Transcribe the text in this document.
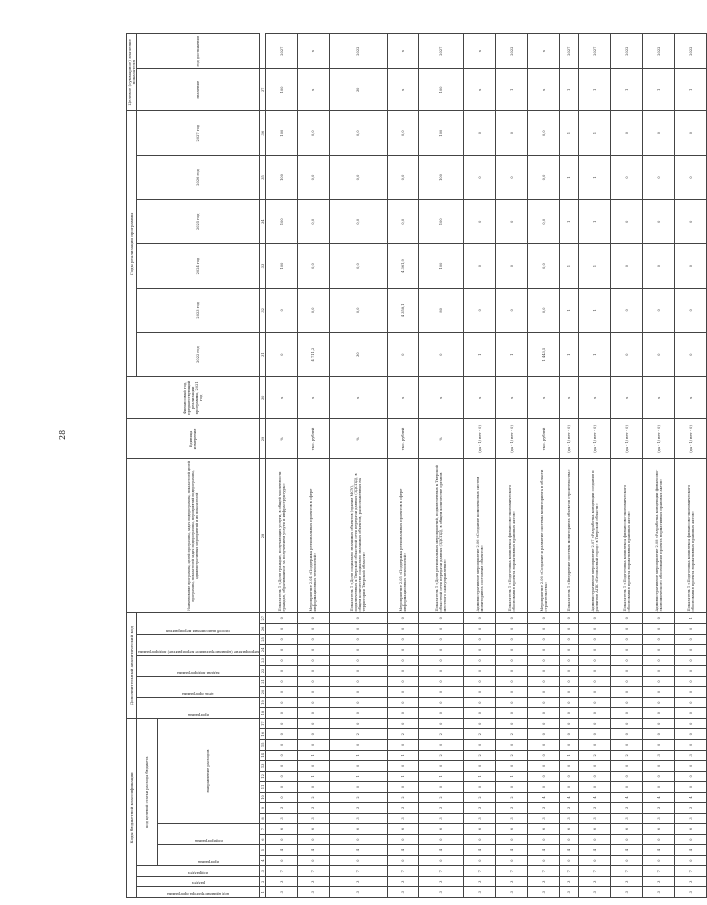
28
Коды бюджетной классификации																	Дополнительный аналитический код										Наименование программы, целей программы, задач подпрограммы, показателей целей программы, показателей задач подпрограммы, мероприятий подпрограммы, административных мероприятий и их показателей	Единица измерения	Финансовый год, предшествующий реализации программы, 2021 год	Годы реализации программы						Целевое (суммарное) значение показателя	

код администратора программы	раздел	подраздел	код целевой статьи расхода бюджета														программа		цель программы		задачи подпрограммы		мероприятие (административное мероприятие) подпрограммы		способ выполнения мероприятия					2022 год	2023 год	2024 год	2025 год	2026 год	2027 год	значение	год достижения

			программа		подпрограмма		направление расходов																														
1	2	3	4	5	6	7	8	9	10	11	12	13	14	15	16	17	18	19	20	21	22	23	24	25	26	27	28	29	30	31	32	33	34	35	36	37	
3	3	7	0	4	0	6	3	3	0	0	0	0	0	0	0	0	0	0	0	0	0	0	0	0	0	0	Показатель 1 «Доля граждан, получающих услуги, в общей численности граждан, обратившихся за получением услуги и инфраструктуры»	%	х	0	0	100	100	100	100	100	2027
3	3	7	0	4	0	6	3	3	2	0	1	0	1	0	0	0	0	0	0	0	0	0	0	0	0	0	Мероприятие 2.04 «Поддержка региональных проектов в сфере информационных технологий»	тыс. рублей	х	4 711,2	0,0	0,0	0,0	0,0	0,0	х	х
3	3	7	0	4	0	6	3	3	2	0	1	0	1	0	2	0	0	0	0	0	0	0	0	0	0	0	Показатель 1 «Доля социально значимых объектов (здания МСУ), подключенных к Тверской областной сети передачи данных (ЗДСПД), в общем количестве социально значимых объектов, расположенных на территории Тверской области»	%	х	30	0,0	0,0	0,0	0,0	0,0	30	2022
3	3	7	0	4	0	6	3	3	2	0	1	0	1	0	2	0	0	0	0	0	0	0	0	0	0	0	Мероприятие 2.05 «Поддержка региональных проектов в сфере информационных технологий»	тыс. рублей	х	0	4 358,1	4 361,9	0,0	0,0	0,0	х	х
3	3	7	0	4	0	6	3	3	2	0	1	0	2	0	2	0	0	0	0	0	0	0	0	0	0	0	Показатель 1 «Доля региональных мероприятий, подключенных к Тверской областной сети передачи данных (ЗДСПД), в общем количестве органов местного самоуправления»	%	х	0	80	100	100	100	100	100	2027
3	3	7	0	4	0	6	3	3	2	0	1	0	2	0	2	0	0	0	0	0	0	0	0	0	0	0	Административное мероприятие 2.06 «Создание комплексных систем мониторинга состояния объектов»	(да - 1/ нет - 0)	х	1	0	0	0	0	0	х	х
3	3	7	0	4	0	6	3	3	2	0	1	0	2	0	2	0	0	0	0	0	0	0	0	0	0	0	Показатель 1 «Подготовка комплекса финансово-экономического обоснования проекта нормативных правовых актов»	(да - 1/ нет - 0)	х	1	0	0	0	0	0	1	2022
3	3	7	0	4	0	6	3	3	4	0	0	0	0	0	0	0	0	0	0	0	0	0	0	0	0	0	Мероприятие 2.06 «Создание и развитие системы мониторинга в области строительства»	тыс. рублей	х	1 443,5	0,0	0,0	0,0	0,0	0,0	х	х
3	3	7	0	4	0	6	3	3	4	0	0	0	1	0	0	0	0	0	0	0	0	0	0	0	0	0	Показатель 1 «Внедрение системы мониторинга объектов строительства»	(да - 1/ нет - 0)	х	1	1	1	1	1	1	1	2027
3	3	7	0	4	0	6	3	3	4	0	0	0	2	0	0	0	0	0	0	0	0	0	0	0	0	0	Административное мероприятие 2.07 «Разработка концепции создания и развития АПК «Безопасный город» в Тверской области»	(да - 1/ нет - 0)	х	1	1	1	1	1	1	1	2027
3	3	7	0	4	0	6	3	3	4	0	0	0	2	0	0	0	0	0	0	0	0	0	0	0	0	0	Показатель 1 «Подготовка комплекса финансово-экономического обоснования проекта нормативных правовых актов»	(да - 1/ нет - 0)	х	0	0	0	0	0	0	1	2022
3	3	7	0	4	0	6	3	3	4	0	0	0	3	0	0	0	0	0	0	0	0	0	0	0	0	0	Административное мероприятие 2.08 «Разработка концепции финансово-экономического обоснования проекта нормативных правовых актов»	(да - 1/ нет - 0)	х	0	0	0	0	0	0	1	2022
3	3	7	0	4	0	6	3	3	4	0	0	0	3	0	0	0	0	0	0	0	0	0	0	0	0	1	Показатель 1 «Подготовка комплекса финансово-экономического обоснования проекта нормативных правовых актов»	(да - 1/ нет - 0)	х	0	0	0	0	0	0	1	2022
